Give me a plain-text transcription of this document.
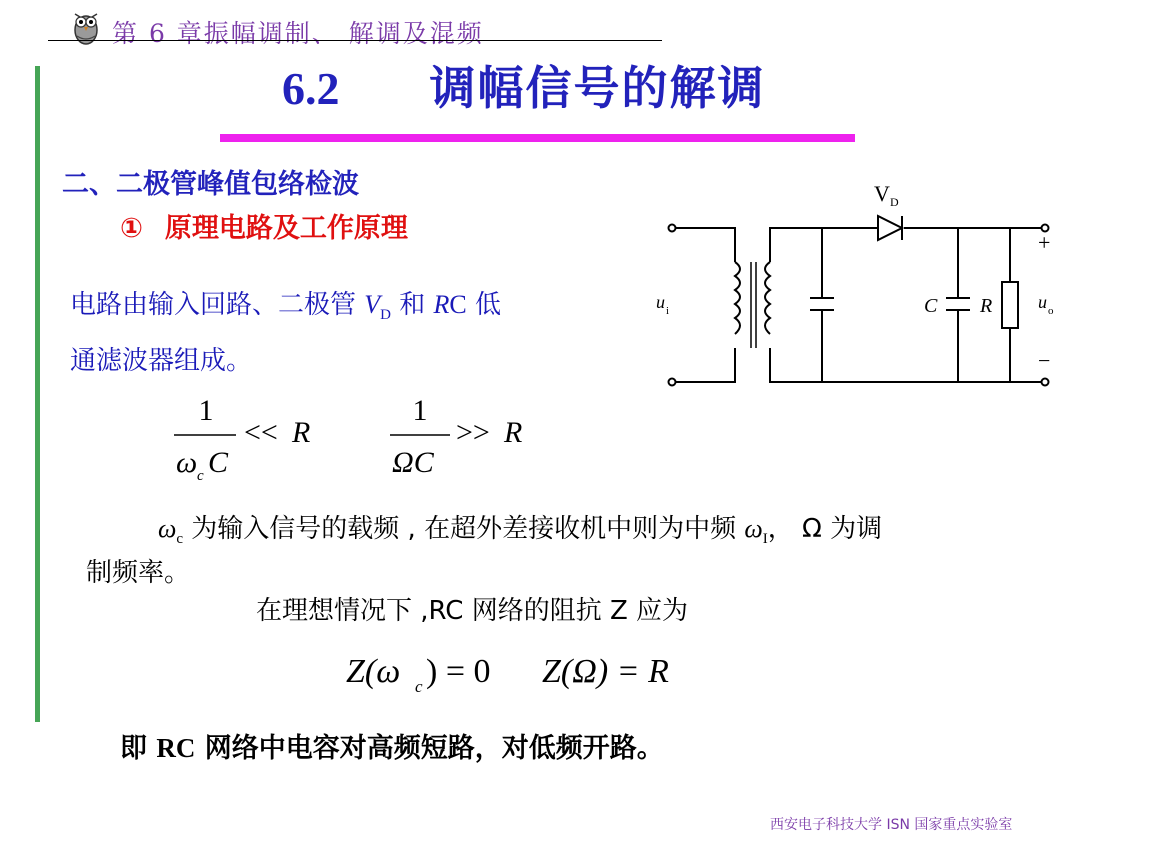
第 6 章振幅调制、 解调及混频
6.2 调幅信号的解调
二、二极管峰值包络检波
① 原理电路及工作原理
电路由输入回路、二极管 $V_D$ 和 RC 低
通滤波器组成。
1
ω c C
<< R
1
ΩC
>> R
$\omega_c$ 为输入信号的载频 , 在超外差接收机中则为中频 $\omega_I$， Ω 为调
制频率。
在理想情况下 ,RC 网络的阻抗 Z 应为
Z(ω c ) = 0 Z(Ω) = R
即 RC 网络中电容对高频短路，对低频开路。
V D
u i	C R	u o
+
−
西安电子科技大学 ISN 国家重点实验室
